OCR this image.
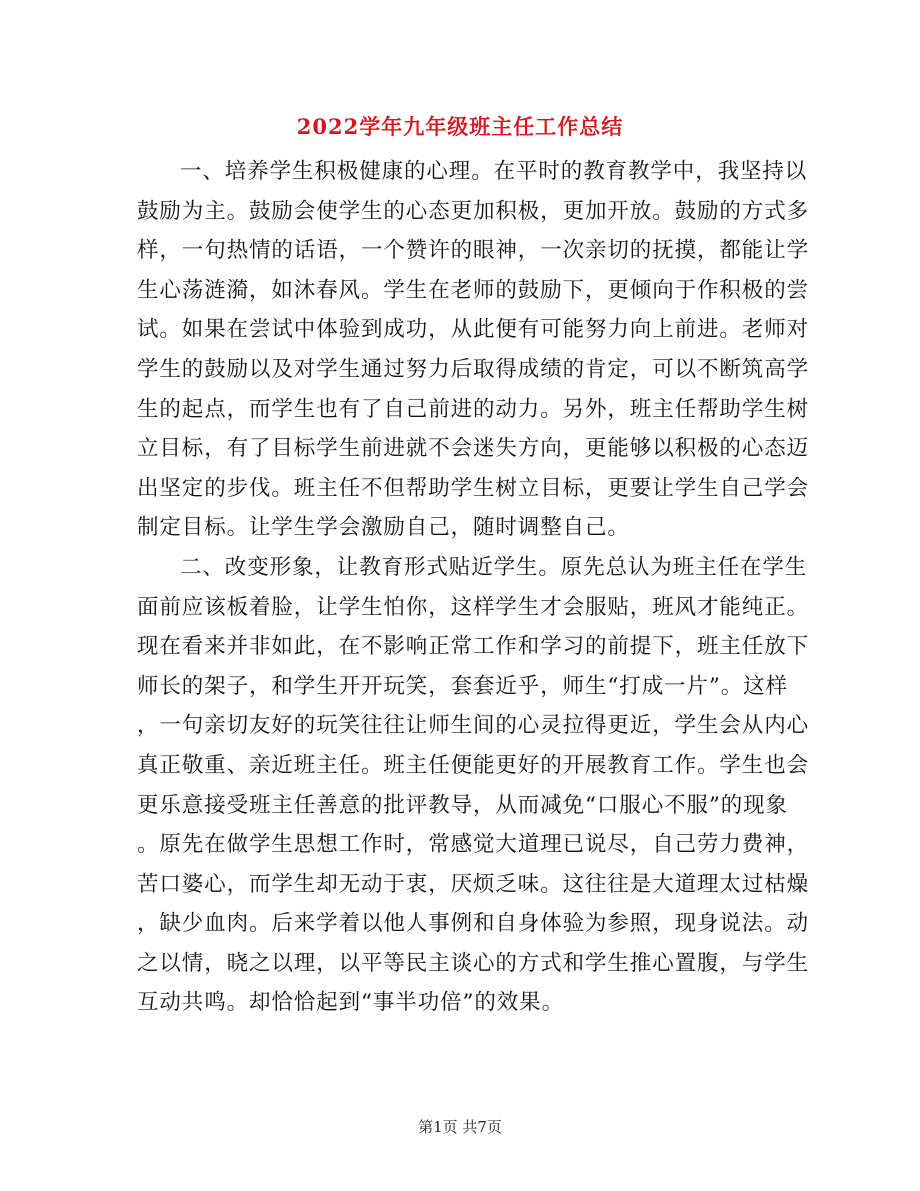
2022学年九年级班主任工作总结
一、培养学生积极健康的心理。在平时的教育教学中，我坚持以
鼓励为主。鼓励会使学生的心态更加积极，更加开放。鼓励的方式多
样，一句热情的话语，一个赞许的眼神，一次亲切的抚摸，都能让学
生心荡涟漪，如沐春风。学生在老师的鼓励下，更倾向于作积极的尝
试。如果在尝试中体验到成功，从此便有可能努力向上前进。老师对
学生的鼓励以及对学生通过努力后取得成绩的肯定，可以不断筑高学
生的起点，而学生也有了自己前进的动力。另外，班主任帮助学生树
立目标，有了目标学生前进就不会迷失方向，更能够以积极的心态迈
出坚定的步伐。班主任不但帮助学生树立目标，更要让学生自己学会
制定目标。让学生学会激励自己，随时调整自己。
二、改变形象，让教育形式贴近学生。原先总认为班主任在学生
面前应该板着脸，让学生怕你，这样学生才会服贴，班风才能纯正。
现在看来并非如此，在不影响正常工作和学习的前提下，班主任放下
师长的架子，和学生开开玩笑，套套近乎，师生“打成一片”。这样
，一句亲切友好的玩笑往往让师生间的心灵拉得更近，学生会从内心
真正敬重、亲近班主任。班主任便能更好的开展教育工作。学生也会
更乐意接受班主任善意的批评教导，从而减免“口服心不服”的现象
。原先在做学生思想工作时，常感觉大道理已说尽，自己劳力费神，
苦口婆心，而学生却无动于衷，厌烦乏味。这往往是大道理太过枯燥
，缺少血肉。后来学着以他人事例和自身体验为参照，现身说法。动
之以情，晓之以理，以平等民主谈心的方式和学生推心置腹，与学生
互动共鸣。却恰恰起到“事半功倍”的效果。
第1页 共7页
